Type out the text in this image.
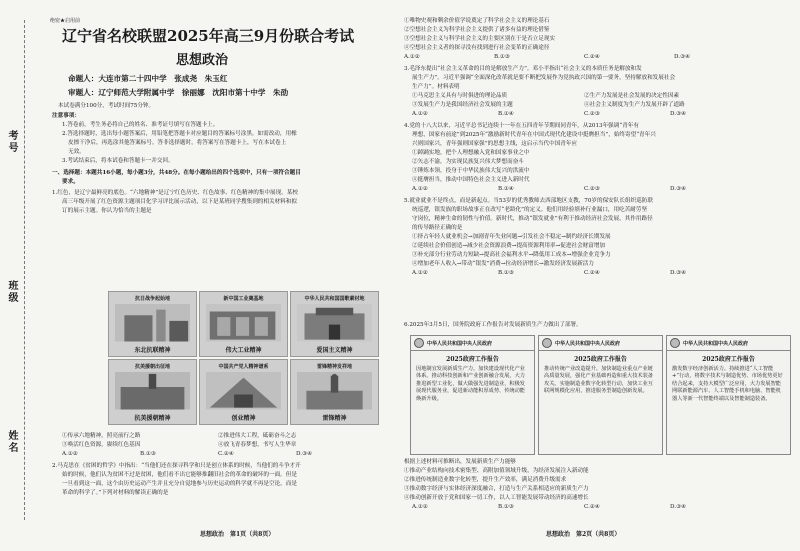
考号
班级
姓名
绝密★启用前
辽宁省名校联盟2025年高三9月份联合考试
思想政治
命题人：大连市第二十四中学　张成尧　朱玉红
审题人：辽宁师范大学附属中学　徐丽娜　沈阳市第十中学　朱劭
本试卷满分100分，考试时间75分钟。
注意事项：
1.答卷前，考生务必将自己的姓名、准考证号填写在答题卡上。
2.答选择题时，选出每小题答案后，用铅笔把答题卡对应题目的答案标号涂黑。如需改动，用橡
皮擦干净后，再选涂其他答案标号。答非选择题时，将答案写在答题卡上，写在本试卷上
无效。
3.考试结束后，将本试卷和答题卡一并交回。
一、选择题：本题共16小题，每小题3分，共48分。在每小题给出的四个选项中，只有一项符合题目
要求。
1.红色，是辽宁最鲜亮的底色。“六地精神”是辽宁红色历史、红色故事、红色精神的集中展现。某校
高三年级开展了红色资源主题项目化学习评比展示活动，以下是某班同学搜集到的相关材料和拟
订的展示主题。你认为恰当的主题是
抗日战争起始地
东北抗联精神
新中国工业奠基地
伟大工业精神
中华人民共和国国歌素材地
爱国主义精神
抗美援朝出征地
抗美援朝精神
中国共产党人精神谱系
创业精神
雷锋精神发祥地
雷锋精神
①传承六地精神，照亮前行之路	②推进伟大工程，砥砺奋斗之志
③唤活红色资源，赓续红色基因	④放飞青春梦想，书写人生华章
A.①②	B.①③	C.②④	D.③④
2.马克思在《贫困的哲学》中指出：“当他们还在探寻科学和只是创立体系的时候，当他们的斗争才开
始的时候，他们认为贫困不过是贫困，他们看不出它能够推翻旧社会的革命的破坏的一面。但是
一旦看到这一面，这个由历史运动产生并且充分自觉地参与历史运动的科学就不再是空论，而是
革命的科学了。”下列对材料的解读正确的是
思想政治　第1页（共8页）
①唯物史观和剩余价值学说奠定了科学社会主义的理论基石
②空想社会主义为科学社会主义提供了诸多有益的理论借鉴
③空想社会主义与科学社会主义的主要区别在于是否立足现实
④空想社会主义者的探寻没有找到进行社会变革的正确途径
A.①②	B.①③	C.②④	D.③④
3.毛泽东提出“社会主义革命的目的是解放生产力”。邓小平指出“社会主义的本质任务是解放和发
展生产力”。习近平强调“全面深化改革就是要不断把发展作为党执政兴国的第一要务，坚持解放和发展社会
生产力”。材料表明
①马克思主义具有与时俱进的理论品质	②生产力发展是社会发展的决定性因素
③发展生产力是我国经济社会发展的主题	④社会主义制度为生产力发展开辟了道路
A.①②	B.①④	C.②③	D.③④
4.党的十八大以来，习近平总书记连续十一年在五四青年节期间同青年，从2013年强调“青年有
理想，国家有前途”到2025年“激励新时代青年在中国式现代化建设中挺膺担当”，始终寄望“青年兴
兴则国家兴，青年强则国家强”的思想主线，这启示当代中国青年应
①踔踊实地，把个人理想融入党和国家事业之中
②矢志不渝，为实现民族复兴伟大梦想而奋斗
③锤炼本领，投身于中华民族伟大复兴的洪流中
④挺膺担当，推动中国特色社会主义进入新时代
A.①②	B.①④	C.②③	D.③④
5.就业就业不是终点，而是新起点。当53岁的优秀教师去西部地区支教，70岁的保安队长组织巡防联
统巡逻，银发族的职场故事正在改写“老龄化”的定义。他们用经验填补行业漏口，用吃苦耐劳坚
守岗位，精神生命的韧性与价值。新时代，推动“银发就业”有利于推动经济社会发展，其作用路径
的传导路径正确的是
①挤占年轻人就业机会→加剧青年失业问题→引发社会不稳定→制约经济长期发展
②延续社会价值创造→减少社会资源浪费→提高资源利用率→促进社会财富增加
③补充部分行业劳动力短缺→提高社会福利水平→降低用工成本→增强企业竞争力
④增加老年人收入→带动“银发”消费→拉动经济增长→激发经济发展新活力
A.①②	B.①③	C.②④	D.③④
6.2025年3月5日，国务院政府工作报告对发展新质生产力做出了部署。
中华人民共和国中央人民政府
2025政府工作报告
因地制宜发展新质生产力，加快建设现代化产业体系。推动科技创新和产业创新融合发展，大力推进新型工业化，做大做强先进制造业，积极发展现代服务业，促进新动能积厚成势、传统动能焕新升级。
中华人民共和国中央人民政府
2025政府工作报告
推动传统产业改造提升。加快制造业重点产业链高质量发展，强化产业基础再造和重大技术装备攻关。实施制造业数字化转型行动，加快工业互联网规模化应用，推进服务型制造创新发展。
中华人民共和国中央人民政府
2025政府工作报告
激发数字经济创新活力。持续推进“人工智能+”行动，将数字技术与制造优势、市场优势更好结合起来，支持大模型广泛应用，大力发展智能网联新能源汽车、人工智能手机和电脑、智能机器人等新一代智能终端以及智能制造装备。
根据上述材料可推断出，发展新质生产力能够
①推动产业结构向技术密集型、高附加值领域升级，为经济发展注入新动能
②推进传统制造业数字化转型，提升生产效率，满足消费升级需求
③推动数字经济与实体经济深度融合，打造与生产关系相适应的新质生产力
④推动创新开放于党和国家一切工作，以人工智能发展带动经济的高速增长
A.①②	B.①③	C.②④	D.③④
思想政治　第2页（共8页）
